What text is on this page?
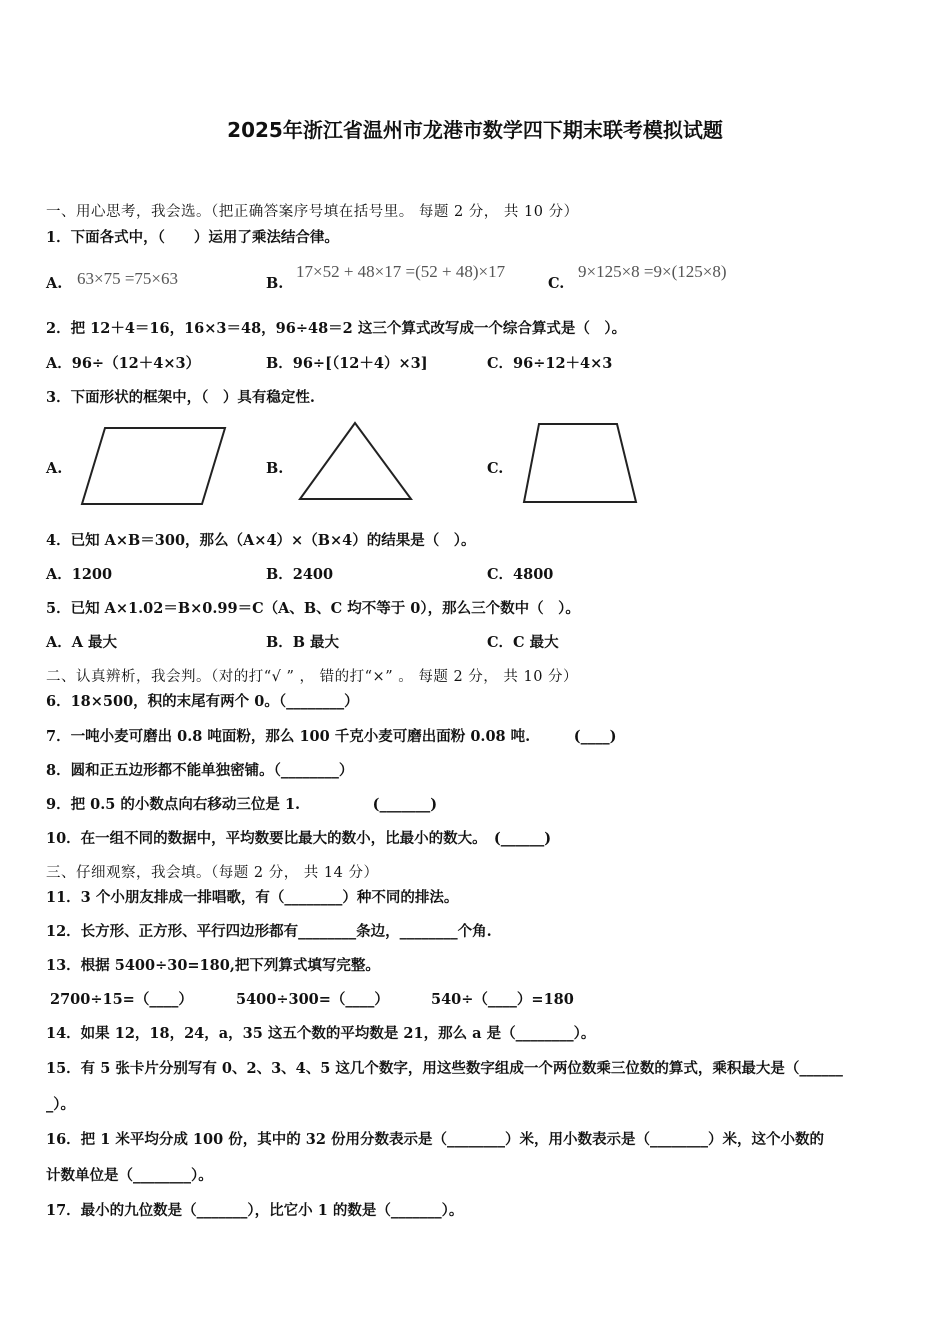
2025年浙江省温州市龙港市数学四下期末联考模拟试题
一、用心思考，我会选。（把正确答案序号填在括号里。 每题 2 分， 共 10 分）
1．下面各式中，（　　）运用了乘法结合律。
A. 63×75 =75×63	B.
17×52 + 48×17 =(52 + 48)×17
C.
9×125×8 =9×(125×8)
2．把 12＋4＝16，16×3＝48，96÷48＝2 这三个算式改写成一个综合算式是（　）。
A．96÷（12＋4×3）	B．96÷[（12＋4）×3]	C．96÷12＋4×3
3．下面形状的框架中，（　）具有稳定性.
A.	B.	C.
4．已知 A×B＝300，那么（A×4）×（B×4）的结果是（　）。
A．1200	B．2400	C．4800
5．已知 A×1.02＝B×0.99＝C（A、B、C 均不等于 0），那么三个数中（　）。
A．A 最大	B．B 最大	C．C 最大
二、认真辨析，我会判。（对的打“√ ” ， 错的打“×” 。 每题 2 分， 共 10 分）
6．18×500，积的末尾有两个 0。（________）
7．一吨小麦可磨出 0.8 吨面粉，那么 100 千克小麦可磨出面粉 0.08 吨.　　　(____)
8．圆和正五边形都不能单独密铺。（________）
9．把 0.5 的小数点向右移动三位是 1.　　　　　(_______)
10．在一组不同的数据中，平均数要比最大的数小，比最小的数大。　(______)
三、仔细观察，我会填。（每题 2 分， 共 14 分）
11．3 个小朋友排成一排唱歌，有（________）种不同的排法。
12．长方形、正方形、平行四边形都有________条边，________个角.
13．根据 5400÷30=180,把下列算式填写完整。
2700÷15=（____）	5400÷300=（____）	540÷（____）=180
14．如果 12，18，24，a，35 这五个数的平均数是 21，那么 a 是（________）。
15．有 5 张卡片分别写有 0、2、3、4、5 这几个数字，用这些数字组成一个两位数乘三位数的算式，乘积最大是（______
_）。
16．把 1 米平均分成 100 份，其中的 32 份用分数表示是（________）米，用小数表示是（________）米，这个小数的
计数单位是（________）。
17．最小的九位数是（_______），比它小 1 的数是（_______）。
